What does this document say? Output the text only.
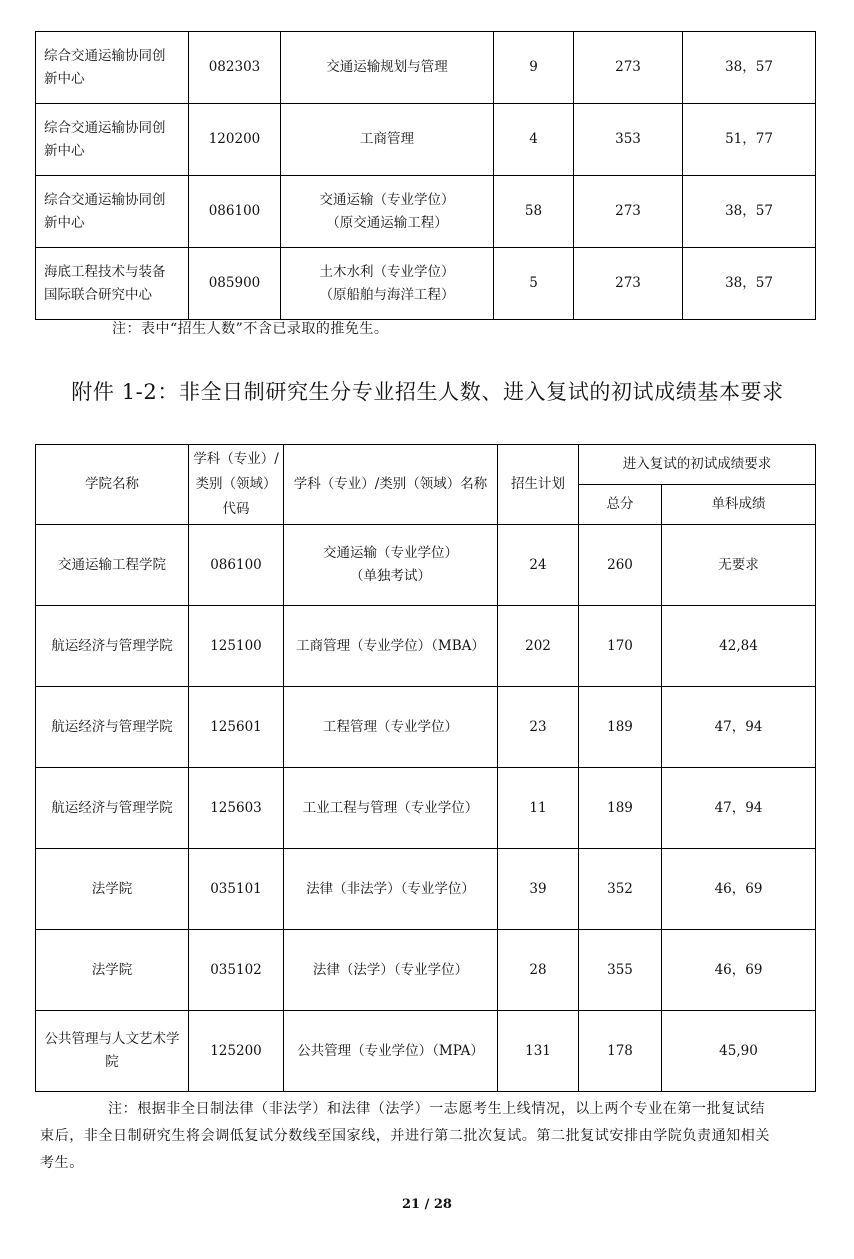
综合交通运输协同创
新中心	082303	交通运输规划与管理	9	273	38，57
综合交通运输协同创
新中心	120200	工商管理	4	353	51，77
综合交通运输协同创
新中心	086100	交通运输（专业学位）
（原交通运输工程）	58	273	38，57
海底工程技术与装备
国际联合研究中心	085900	土木水利（专业学位）
（原船舶与海洋工程）	5	273	38，57
注：表中“招生人数”不含已录取的推免生。
附件 1-2：非全日制研究生分专业招生人数、进入复试的初试成绩基本要求
学院名称	学科（专业）/
类别（领域）
代码	学科（专业）/类别（领域）名称	招生计划	进入复试的初试成绩要求	
				总分	单科成绩
交通运输工程学院	086100	交通运输（专业学位）
（单独考试）	24	260	无要求
航运经济与管理学院	125100	工商管理（专业学位）（MBA）	202	170	42,84
航运经济与管理学院	125601	工程管理（专业学位）	23	189	47，94
航运经济与管理学院	125603	工业工程与管理（专业学位）	11	189	47，94
法学院	035101	法律（非法学）（专业学位）	39	352	46，69
法学院	035102	法律（法学）（专业学位）	28	355	46，69
公共管理与人文艺术学
院	125200	公共管理（专业学位）（MPA）	131	178	45,90
注：根据非全日制法律（非法学）和法律（法学）一志愿考生上线情况，以上两个专业在第一批复试结束后，非全日制研究生将会调低复试分数线至国家线，并进行第二批次复试。第二批复试安排由学院负责通知相关考生。
21 / 28
